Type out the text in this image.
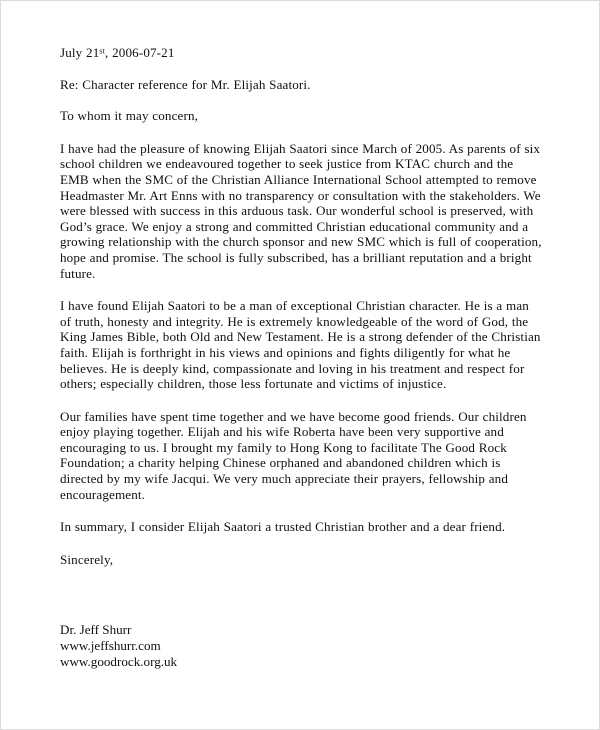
July 21st, 2006-07-21
Re: Character reference for Mr. Elijah Saatori.
To whom it may concern,
I have had the pleasure of knowing Elijah Saatori since March of 2005. As parents of six school children we endeavoured together to seek justice from KTAC church and the EMB when the SMC of the Christian Alliance International School attempted to remove Headmaster Mr. Art Enns with no transparency or consultation with the stakeholders. We were blessed with success in this arduous task. Our wonderful school is preserved, with God’s grace. We enjoy a strong and committed Christian educational community and a growing relationship with the church sponsor and new SMC which is full of cooperation, hope and promise. The school is fully subscribed, has a brilliant reputation and a bright future.
I have found Elijah Saatori to be a man of exceptional Christian character. He is a man of truth, honesty and integrity. He is extremely knowledgeable of the word of God, the King James Bible, both Old and New Testament. He is a strong defender of the Christian faith. Elijah is forthright in his views and opinions and fights diligently for what he believes. He is deeply kind, compassionate and loving in his treatment and respect for others; especially children, those less fortunate and victims of injustice.
Our families have spent time together and we have become good friends. Our children enjoy playing together. Elijah and his wife Roberta have been very supportive and encouraging to us. I brought my family to Hong Kong to facilitate The Good Rock Foundation; a charity helping Chinese orphaned and abandoned children which is directed by my wife Jacqui. We very much appreciate their prayers, fellowship and encouragement.
In summary, I consider Elijah Saatori a trusted Christian brother and a dear friend.
Sincerely,
Dr. Jeff Shurr
www.jeffshurr.com
www.goodrock.org.uk
